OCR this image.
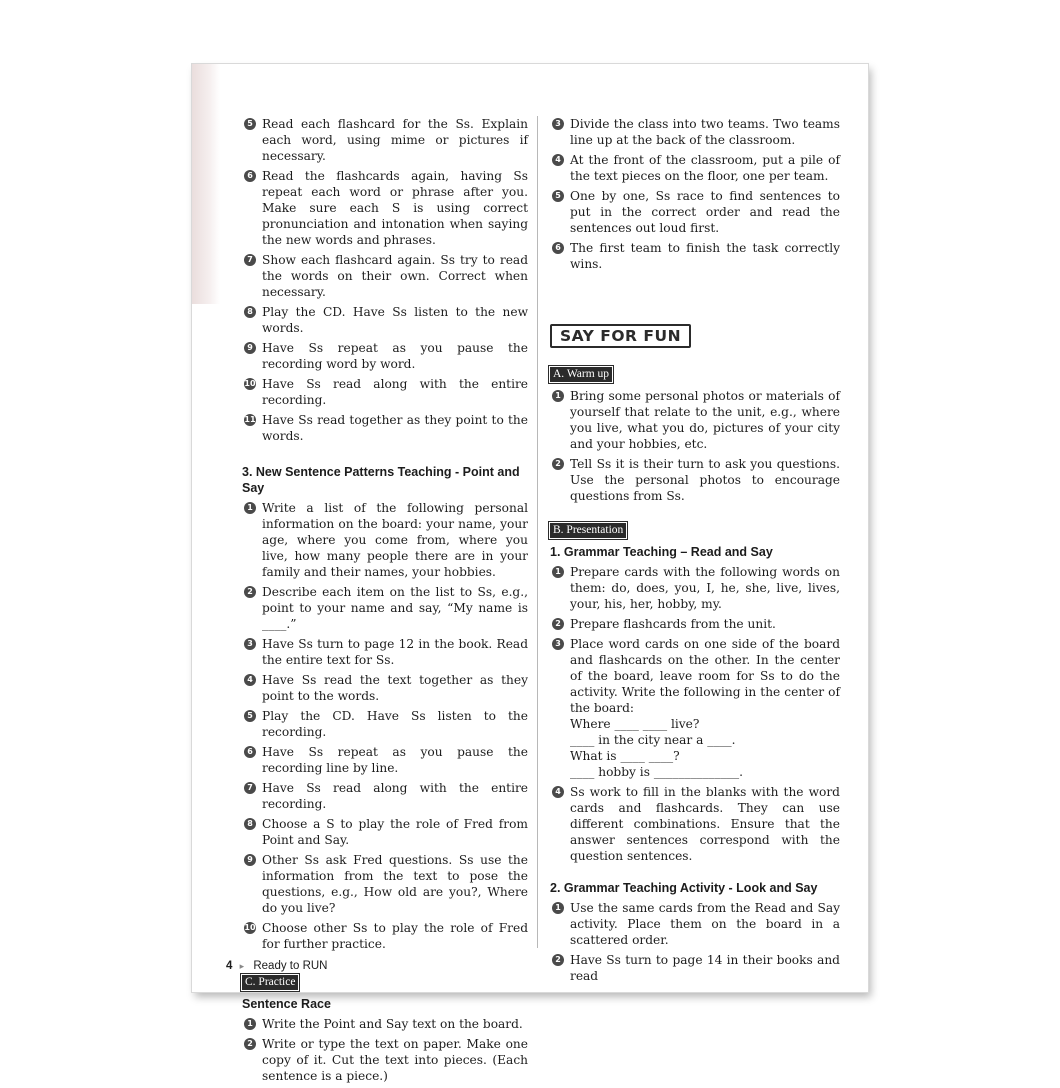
5 Read each flashcard for the Ss. Explain each word, using mime or pictures if necessary.
6 Read the flashcards again, having Ss repeat each word or phrase after you. Make sure each S is using correct pronunciation and intonation when saying the new words and phrases.
7 Show each flashcard again. Ss try to read the words on their own. Correct when necessary.
8 Play the CD. Have Ss listen to the new words.
9 Have Ss repeat as you pause the recording word by word.
10 Have Ss read along with the entire recording.
11 Have Ss read together as they point to the words.
3. New Sentence Patterns Teaching - Point and Say
1 Write a list of the following personal information on the board: your name, your age, where you come from, where you live, how many people there are in your family and their names, your hobbies.
2 Describe each item on the list to Ss, e.g., point to your name and say, “My name is ____.”
3 Have Ss turn to page 12 in the book. Read the entire text for Ss.
4 Have Ss read the text together as they point to the words.
5 Play the CD. Have Ss listen to the recording.
6 Have Ss repeat as you pause the recording line by line.
7 Have Ss read along with the entire recording.
8 Choose a S to play the role of Fred from Point and Say.
9 Other Ss ask Fred questions. Ss use the information from the text to pose the questions, e.g., How old are you?, Where do you live?
10 Choose other Ss to play the role of Fred for further practice.
C. Practice
Sentence Race
1 Write the Point and Say text on the board.
2 Write or type the text on paper. Make one copy of it. Cut the text into pieces. (Each sentence is a piece.)
3 Divide the class into two teams. Two teams line up at the back of the classroom.
4 At the front of the classroom, put a pile of the text pieces on the floor, one per team.
5 One by one, Ss race to find sentences to put in the correct order and read the sentences out loud first.
6 The first team to finish the task correctly wins.
SAY FOR FUN
A. Warm up
1 Bring some personal photos or materials of yourself that relate to the unit, e.g., where you live, what you do, pictures of your city and your hobbies, etc.
2 Tell Ss it is their turn to ask you questions. Use the personal photos to encourage questions from Ss.
B. Presentation
1. Grammar Teaching – Read and Say
1 Prepare cards with the following words on them: do, does, you, I, he, she, live, lives, your, his, her, hobby, my.
2 Prepare flashcards from the unit.
3 Place word cards on one side of the board and flashcards on the other. In the center of the board, leave room for Ss to do the activity. Write the following in the center of the board:
Where ____ ____ live?
____ in the city near a ____.
What is ____ ____?
____ hobby is ______________.
4 Ss work to fill in the blanks with the word cards and flashcards. They can use different combinations. Ensure that the answer sentences correspond with the question sentences.
2. Grammar Teaching Activity - Look and Say
1 Use the same cards from the Read and Say activity. Place them on the board in a scattered order.
2 Have Ss turn to page 14 in their books and read
4 ▸ Ready to RUN
